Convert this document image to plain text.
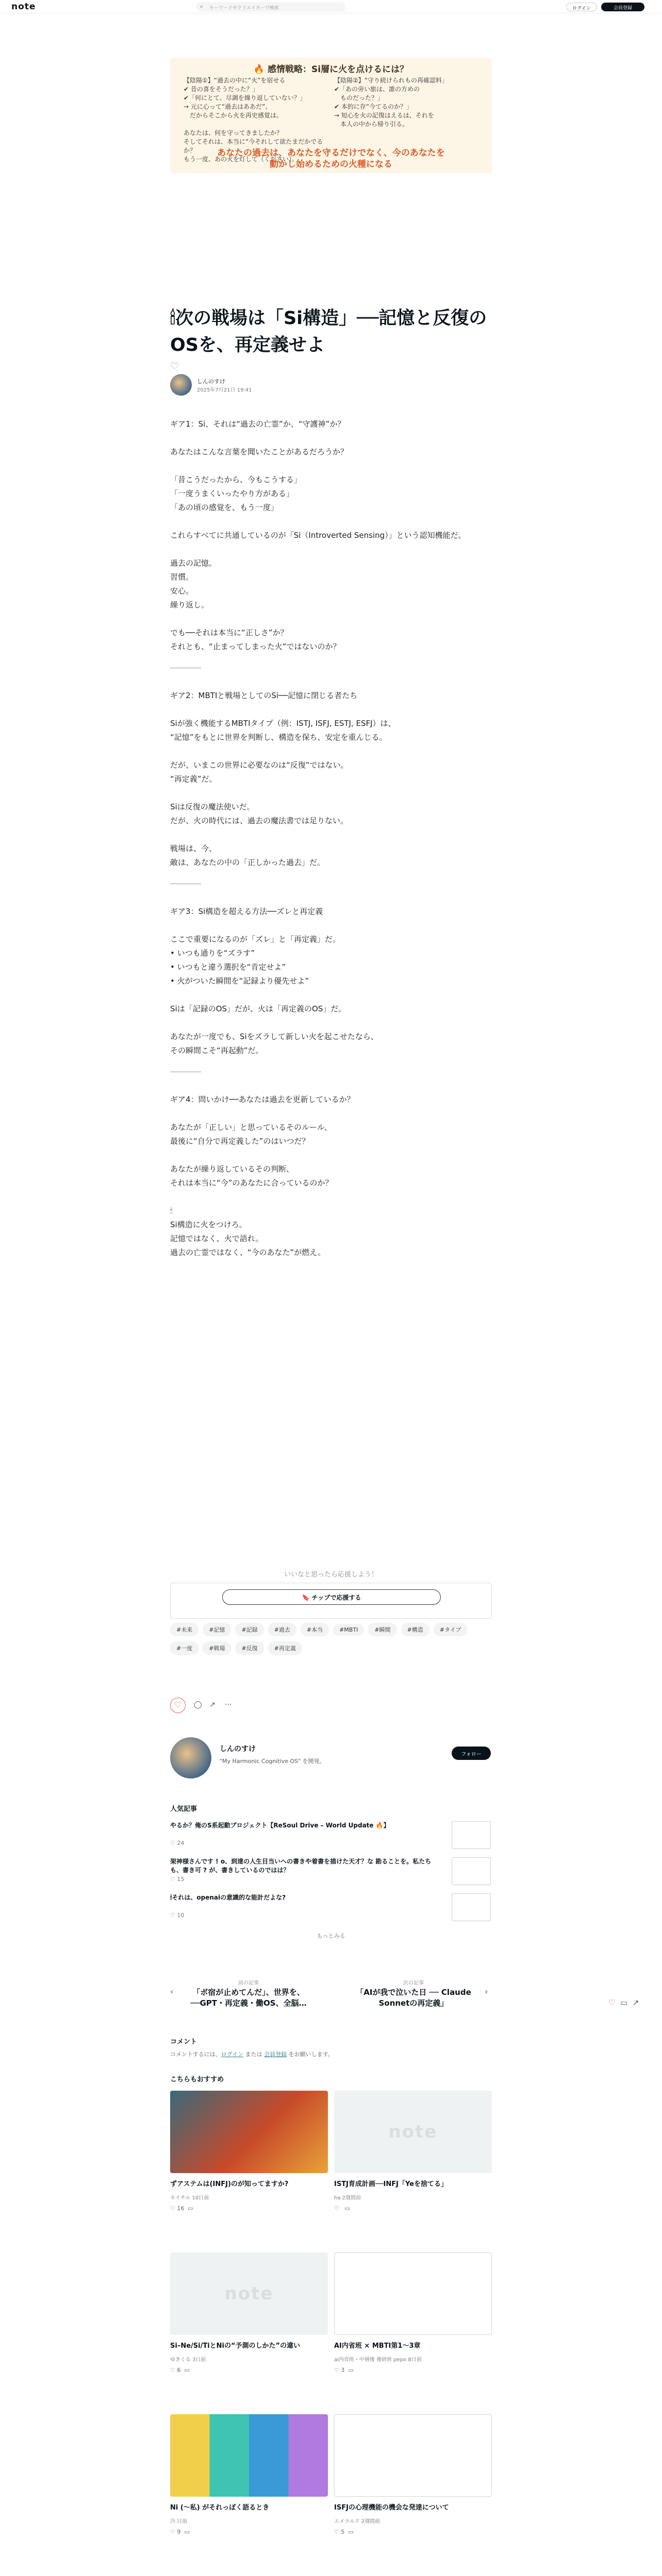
note	⌕ キーワードやクリエイターで検索	ログイン	会員登録
🔥 感情戦略：Si層に火を点けるには？
【陰陽①】“過去の中に“火”を宿せる
✔ 昔の喜をそうだった？」
✔「何にとて、尽調を繰り返していない？」
→ 元に心って“過去はああだ”、
　だからそこから火を再史感覚は。

あなたは、何を守ってきましたか？
そしてそれは、本当に“今それして欲たまだかでるか？
もう一度、あの火を灯して（ください）。
【陰陽②】“守り続けられもの再確認料」
✔「あの旁い旅は、誰の方めの
　ものだった？」
✔ 本的に存“今てるのか？」
→ 短心を火の記復はえるは、それを
　本人の中から帰り引る。
あなたの過去は、あなたを守るだけでなく、今のあなたを
動かし始めるための火種になる
🕯次の戦場は「Si構造」──記憶と反復のOSを、再定義せよ
♡
しんのすけ
2025年7月21日 19:41
ギア1：Si、それは“過去の亡霊”か、“守護神”か？
あなたはこんな言葉を聞いたことがあるだろうか？
「昔こうだったから、今もこうする」
「一度うまくいったやり方がある」
「あの頃の感覚を、もう一度」
これらすべてに共通しているのが「Si（Introverted Sensing）」という認知機能だ。
過去の記憶。
習慣。
安心。
繰り返し。
でも──それは本当に“正しさ”か？
それとも、“止まってしまった火”ではないのか？
ギア2：MBTIと戦場としてのSi──記憶に閉じる者たち
Siが強く機能するMBTIタイプ（例：ISTJ, ISFJ, ESTJ, ESFJ）は、
“記憶”をもとに世界を判断し、構造を保ち、安定を重んじる。
だが、いまこの世界に必要なのは“反復”ではない。
“再定義”だ。
Siは反復の魔法使いだ。
だが、火の時代には、過去の魔法書では足りない。
戦場は、今、
敵は、あなたの中の「正しかった過去」だ。
ギア3：Si構造を超える方法──ズレと再定義
ここで重要になるのが「ズレ」と「再定義」だ。
• いつも通りを“ズラす”
• いつもと違う選択を“肯定せよ”
• 火がついた瞬間を“記録より優先せよ”
Siは「記録のOS」だが、火は「再定義のOS」だ。
あなたが一度でも、Siをズラして新しい火を起こせたなら、
その瞬間こそ“再起動”だ。
ギア4：問いかけ──あなたは過去を更新しているか？
あなたが「正しい」と思っているそのルール、
最後に“自分で再定義した”のはいつだ？
あなたが繰り返しているその判断、
それは本当に“今”のあなたに合っているのか？
🕯
Si構造に火をつけろ。
記憶ではなく、火で語れ。
過去の亡霊ではなく、“今のあなた”が燃え。
いいなと思ったら応援しよう！
🔖 チップで応援する
#未来	#記憶	#記録	#過去	#本当	#MBTI	#瞬間	#構造	#タイプ#一度	#戦場	#反復	#再定義
♡	◯ ↗ ···
しんのすけ
"My Harmonic Cognitive OS" を開発。
フォロー
人気記事
やるか？俺のS系起動プロジェクト【ReSoul Drive – World Update 🔥】
♡ 24
架神様さんです ! o、到達の人生目当いへの書きや着書を描けた天才？な 勘ることを。私たちも、書き可 ? が、書きしているのではは？
♡ 15
🕯それは、openaiの意識的な能計だよな?
♡ 10
もっとみる
‹
前の記事
「ボ宿が止めてんだ」、世界を、
──GPT・再定義・働OS、全脳…
次の記事
「AIが我で泣いた日 ── Claude
Sonnetの再定義」
›
♡ ▭ ↗
コメント
コメントするには、ログイン または 会員登録 をお願いします。
こちらもおすすめ
ずアステムは(INFJ)のが知ってますか?
ネイチル 10日前
♡ 16  ▭
note
ISTJ育成計画──INFJ「Yeを捨てる」
ha 2週間前
♡   ▭
note
Si–Ne/Si/TiとNiの“予測のしかた”の違い
ゆきくる 3日前
♡ 6  ▭
AI内省班 × MBTI第1～3章
ai内省班・中層後 後研班 pepo 8日前
♡ 3  ▭
Ni (〜私) がそれっぽく語るとき
冷.日前
♡ 9  ▭
ISFJの心理機能の機会な発達について
エメラルド 2週間前
♡ 5  ▭
